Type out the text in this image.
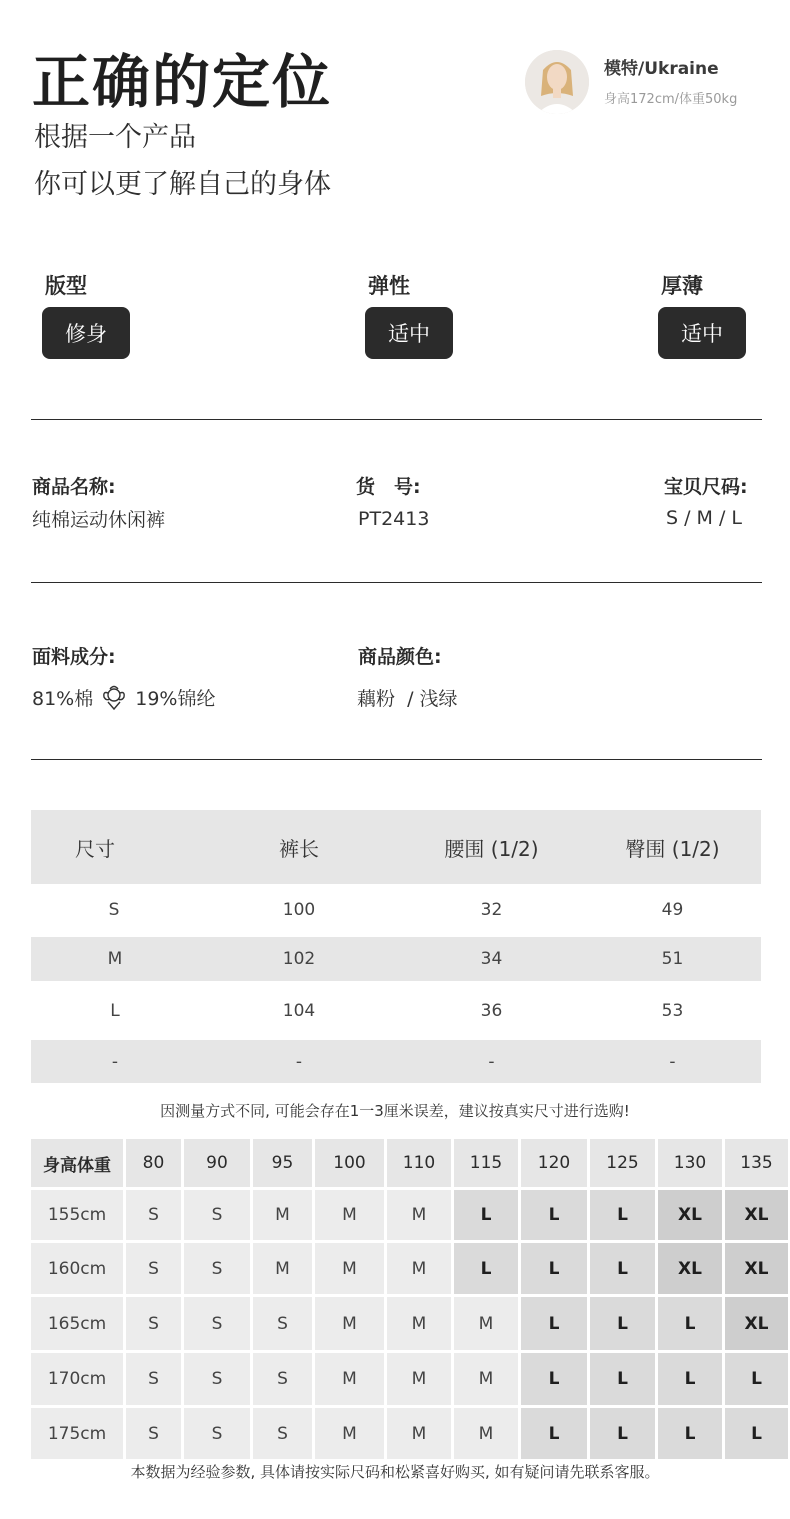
正确的定位
根据一个产品
你可以更了解自己的身体
模特/Ukraine
身高172cm/体重50kg
版型
修身
弹性
适中
厚薄
适中
商品名称:
纯棉运动休闲裤
货　号:
PT2413
宝贝尺码:
S / M / L
面料成分:
81%棉 19%锦纶
商品颜色:
藕粉  / 浅绿
尺寸	裤长	腰围 (1/2)	臀围 (1/2)
S	100	32	49
M	102	34	51
L	104	36	53
-	-	-	-
因测量方式不同, 可能会存在1一3厘米误差，建议按真实尺寸进行选购!
身高体重	80	90	95	100	110	115	120	125	130	135
155cm	S	S	M	M	M	L	L	L	XL	XL
160cm	S	S	M	M	M	L	L	L	XL	XL
165cm	S	S	S	M	M	M	L	L	L	XL
170cm	S	S	S	M	M	M	L	L	L	L
175cm	S	S	S	M	M	M	L	L	L	L
本数据为经验参数, 具体请按实际尺码和松紧喜好购买, 如有疑问请先联系客服。
